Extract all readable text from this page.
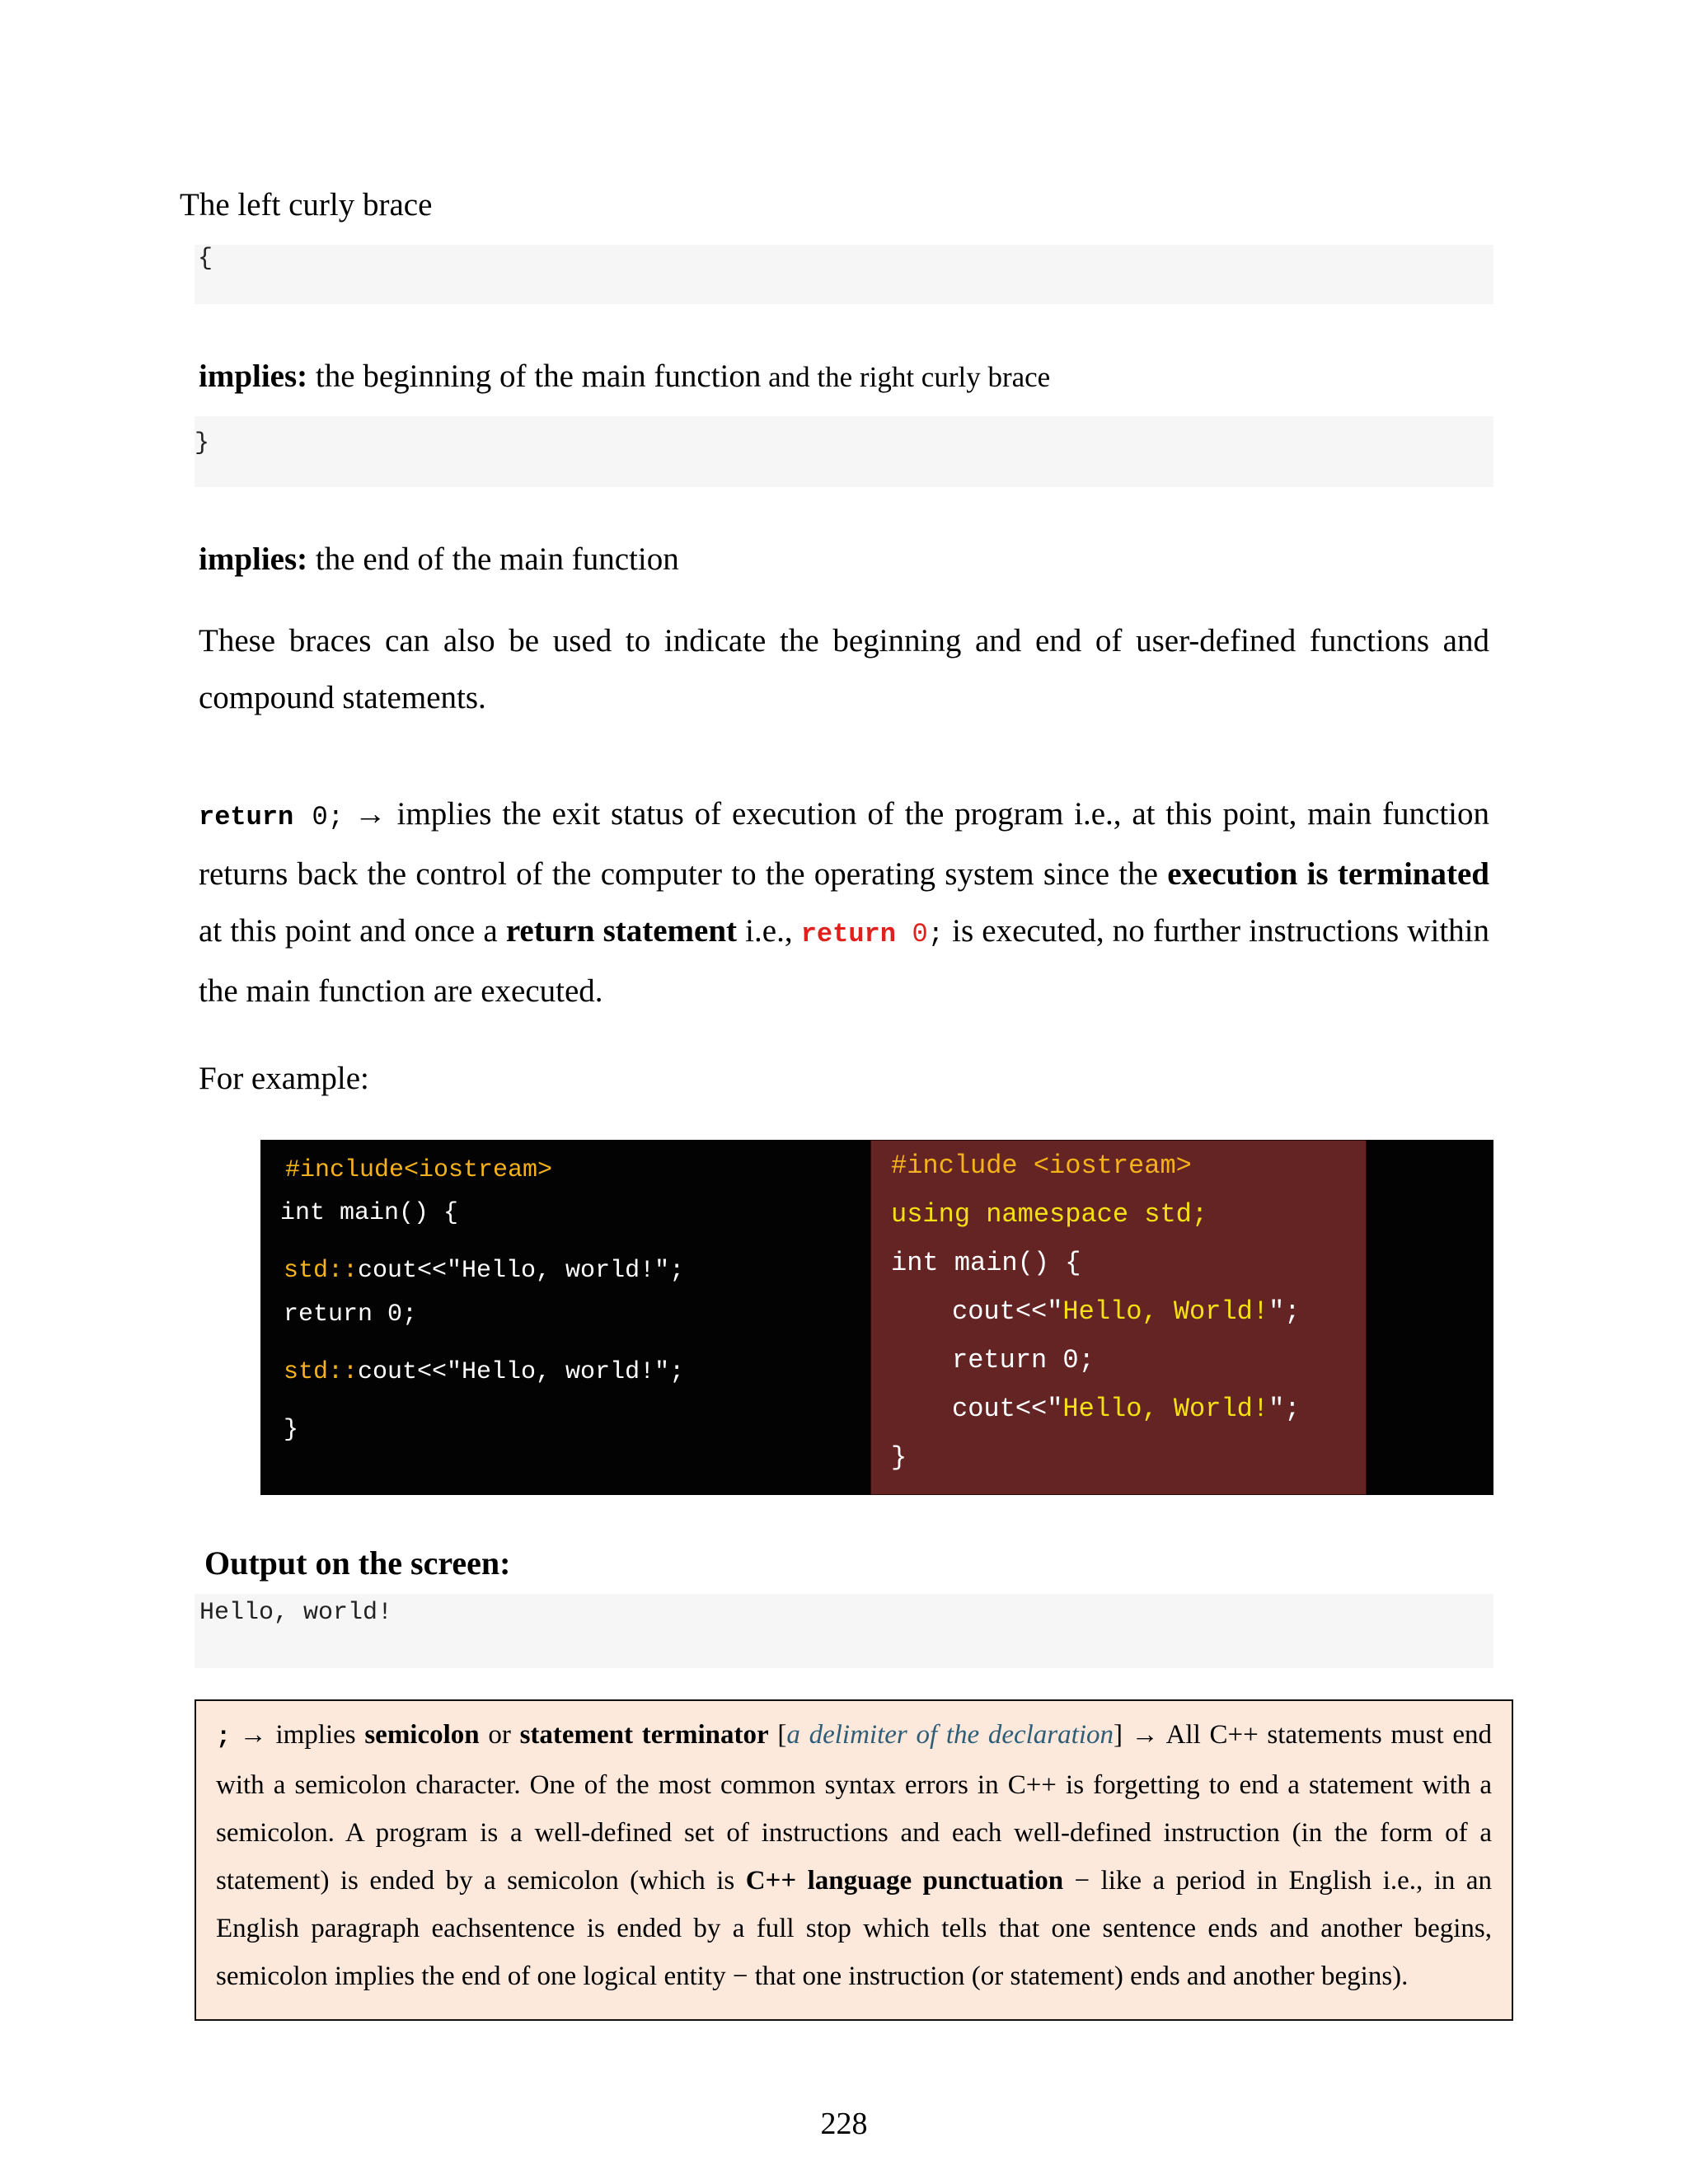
The left curly brace
{
implies: the beginning of the main function and the right curly brace
}
implies: the end of the main function
These braces can also be used to indicate the beginning and end of user-defined functions and compound statements.
return 0; → implies the exit status of execution of the program i.e., at this point, main function returns back the control of the computer to the operating system since the execution is terminated at this point and once a return statement i.e., return 0; is executed, no further instructions within the main function are executed.
For example:
#include<iostream>
int main() {
std::cout<<"Hello, world!";
return 0;
std::cout<<"Hello, world!";
}
#include <iostream>
using namespace std;
int main() {
cout<<"Hello, World!";
return 0;
cout<<"Hello, World!";
}
Output on the screen:
Hello, world!
; → implies semicolon or statement terminator [a delimiter of the declaration] → All C++ statements must end with a semicolon character. One of the most common syntax errors in C++ is forgetting to end a statement with a semicolon. A program is a well-defined set of instructions and each well-defined instruction (in the form of a statement) is ended by a semicolon (which is C++ language punctuation − like a period in English i.e., in an English paragraph eachsentence is ended by a full stop which tells that one sentence ends and another begins, semicolon implies the end of one logical entity − that one instruction (or statement) ends and another begins).
228
